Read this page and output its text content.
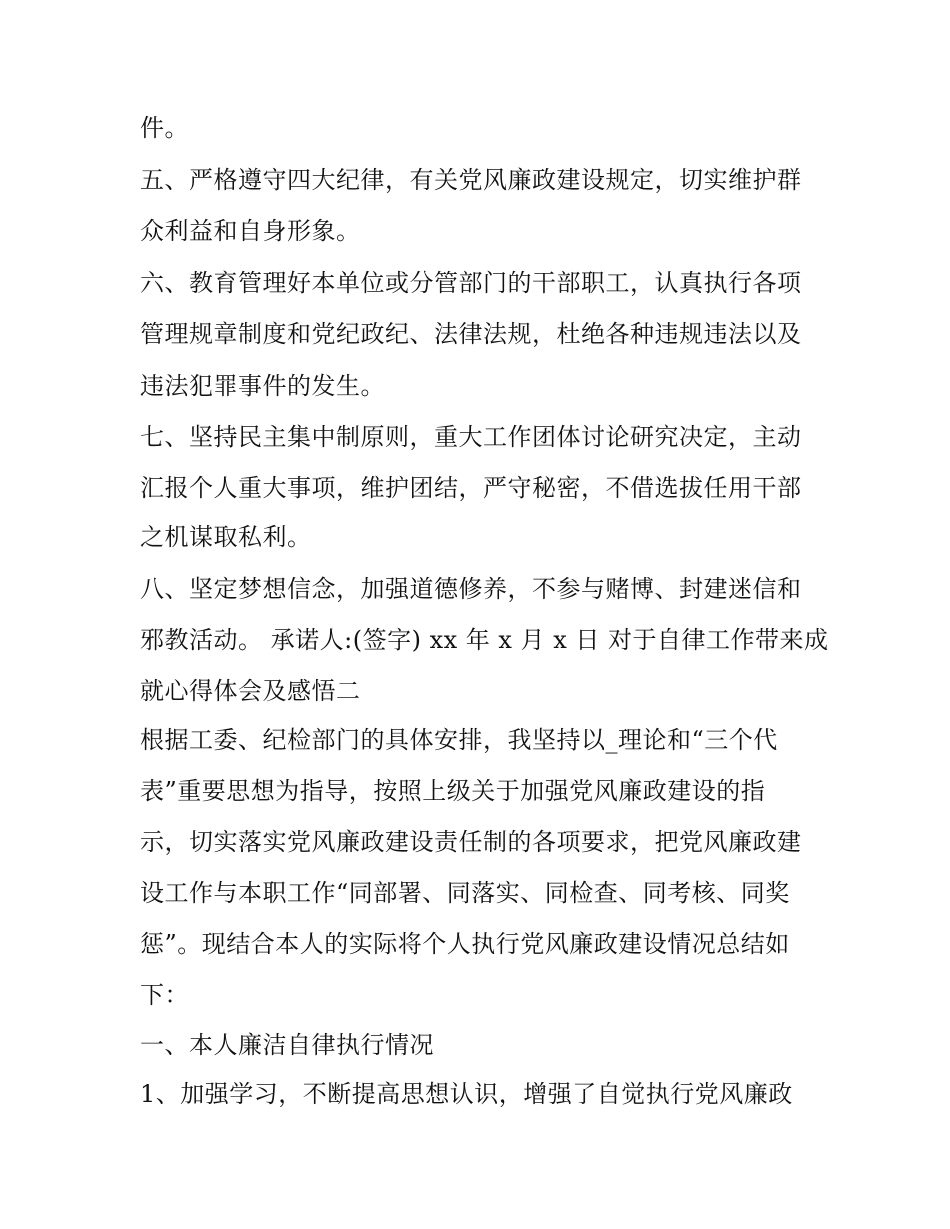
件。
五、严格遵守四大纪律，有关党风廉政建设规定，切实维护群
众利益和自身形象。
六、教育管理好本单位或分管部门的干部职工，认真执行各项
管理规章制度和党纪政纪、法律法规，杜绝各种违规违法以及
违法犯罪事件的发生。
七、坚持民主集中制原则，重大工作团体讨论研究决定，主动
汇报个人重大事项，维护团结，严守秘密，不借选拔任用干部
之机谋取私利。
八、坚定梦想信念，加强道德修养，不参与赌博、封建迷信和
邪教活动。 承诺人:(签字) xx 年 x 月 x 日 对于自律工作带来成
就心得体会及感悟二
根据工委、纪检部门的具体安排，我坚持以_理论和“三个代
表”重要思想为指导，按照上级关于加强党风廉政建设的指
示，切实落实党风廉政建设责任制的各项要求，把党风廉政建
设工作与本职工作“同部署、同落实、同检查、同考核、同奖
惩”。现结合本人的实际将个人执行党风廉政建设情况总结如
下：
一、本人廉洁自律执行情况
1、加强学习，不断提高思想认识，增强了自觉执行党风廉政
